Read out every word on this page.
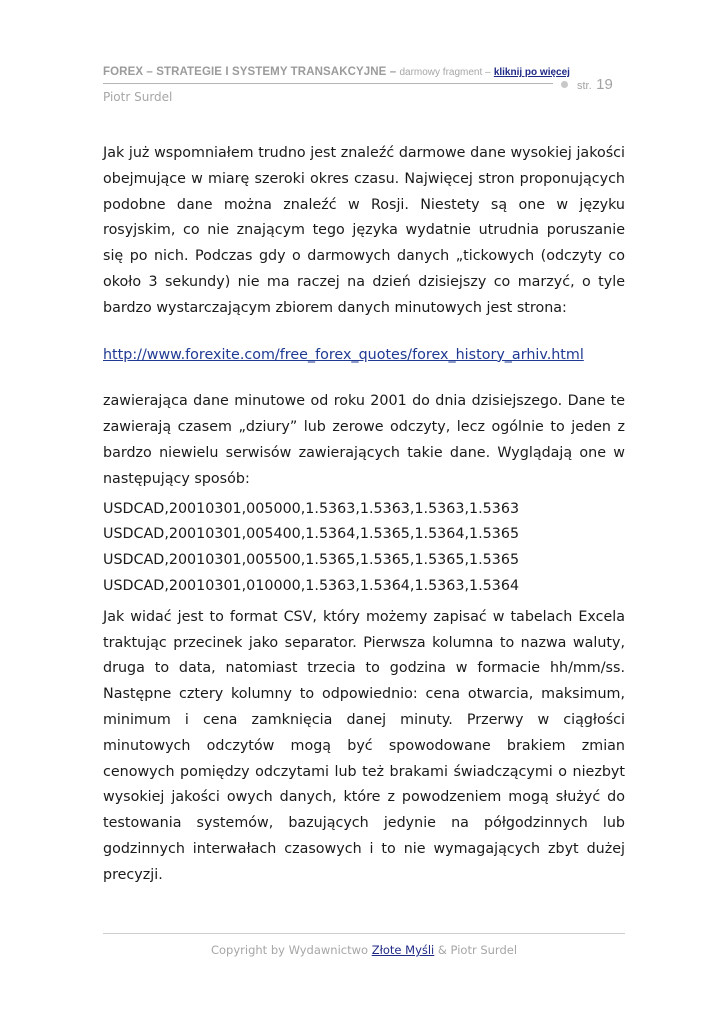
FOREX – STRATEGIE I SYSTEMY TRANSAKCYJNE – darmowy fragment – kliknij po więcej
str. 19
Piotr Surdel

Jak już wspomniałem trudno jest znaleźć darmowe dane wysokiej jakości obejmujące w miarę szeroki okres czasu. Najwięcej stron proponujących podobne dane można znaleźć w Rosji. Niestety są one w języku rosyjskim, co nie znającym tego języka wydatnie utrudnia poruszanie się po nich. Podczas gdy o darmowych danych „tickowych (odczyty co około 3 sekundy) nie ma raczej na dzień dzisiejszy co marzyć, o tyle bardzo wystarczającym zbiorem danych minutowych jest strona:

http://www.forexite.com/free_forex_quotes/forex_history_arhiv.html

zawierająca dane minutowe od roku 2001 do dnia dzisiejszego. Dane te zawierają czasem „dziury” lub zerowe odczyty, lecz ogólnie to jeden z bardzo niewielu serwisów zawierających takie dane. Wyglądają one w następujący sposób:

USDCAD,20010301,005000,1.5363,1.5363,1.5363,1.5363
USDCAD,20010301,005400,1.5364,1.5365,1.5364,1.5365
USDCAD,20010301,005500,1.5365,1.5365,1.5365,1.5365
USDCAD,20010301,010000,1.5363,1.5364,1.5363,1.5364

Jak widać jest to format CSV, który możemy zapisać w tabelach Excela traktując przecinek jako separator. Pierwsza kolumna to nazwa waluty, druga to data, natomiast trzecia to godzina w formacie hh/mm/ss. Następne cztery kolumny to odpowiednio: cena otwarcia, maksimum, minimum i cena zamknięcia danej minuty. Przerwy w ciągłości minutowych odczytów mogą być spowodowane brakiem zmian cenowych pomiędzy odczytami lub też brakami świadczącymi o niezbyt wysokiej jakości owych danych, które z powodzeniem mogą służyć do testowania systemów, bazujących jedynie na półgodzinnych lub godzinnych interwałach czasowych i to nie wymagających zbyt dużej precyzji.

Copyright by Wydawnictwo Złote Myśli & Piotr Surdel
